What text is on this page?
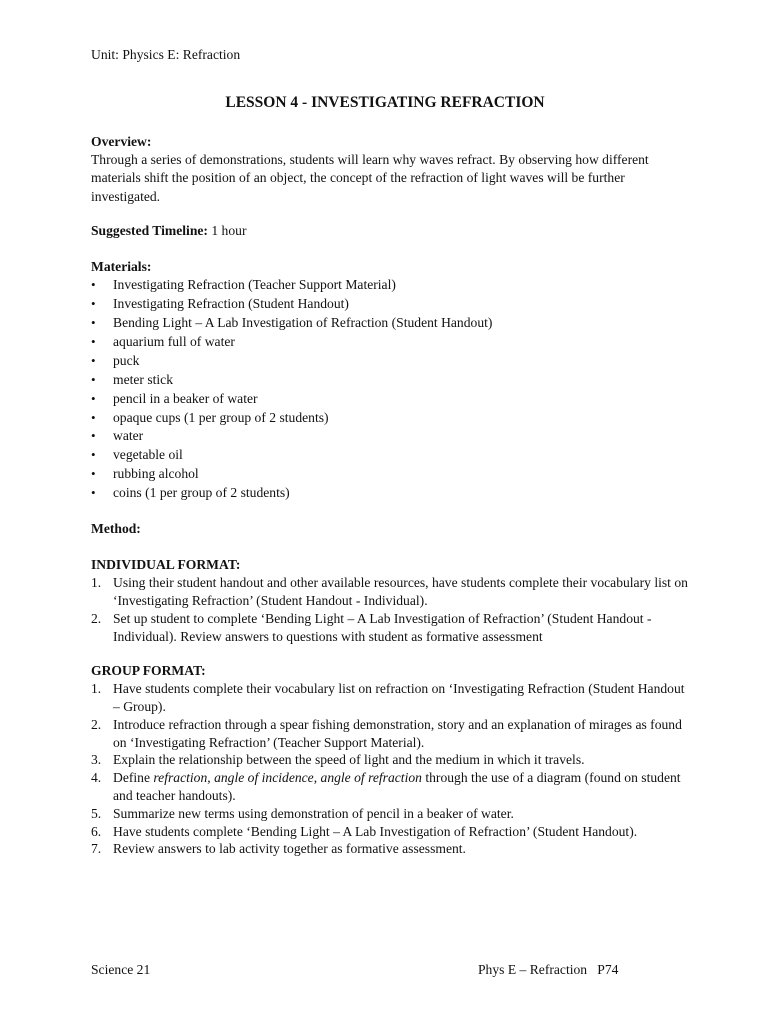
Unit: Physics E: Refraction
LESSON 4 - INVESTIGATING REFRACTION
Overview:
Through a series of demonstrations, students will learn why waves refract. By observing how different materials shift the position of an object, the concept of the refraction of light waves will be further investigated.
Suggested Timeline: 1 hour
Materials:
• Investigating Refraction (Teacher Support Material)
• Investigating Refraction (Student Handout)
• Bending Light – A Lab Investigation of Refraction (Student Handout)
• aquarium full of water
• puck
• meter stick
• pencil in a beaker of water
• opaque cups (1 per group of 2 students)
• water
• vegetable oil
• rubbing alcohol
• coins (1 per group of 2 students)
Method:
INDIVIDUAL FORMAT:
1. Using their student handout and other available resources, have students complete their vocabulary list on ‘Investigating Refraction’ (Student Handout - Individual).
2. Set up student to complete ‘Bending Light – A Lab Investigation of Refraction’ (Student Handout - Individual). Review answers to questions with student as formative assessment
GROUP FORMAT:
1. Have students complete their vocabulary list on refraction on ‘Investigating Refraction (Student Handout – Group).
2. Introduce refraction through a spear fishing demonstration, story and an explanation of mirages as found on ‘Investigating Refraction’ (Teacher Support Material).
3. Explain the relationship between the speed of light and the medium in which it travels.
4. Define refraction, angle of incidence, angle of refraction through the use of a diagram (found on student and teacher handouts).
5. Summarize new terms using demonstration of pencil in a beaker of water.
6. Have students complete ‘Bending Light – A Lab Investigation of Refraction’ (Student Handout).
7. Review answers to lab activity together as formative assessment.
Science 21	Phys E – Refraction   P74
